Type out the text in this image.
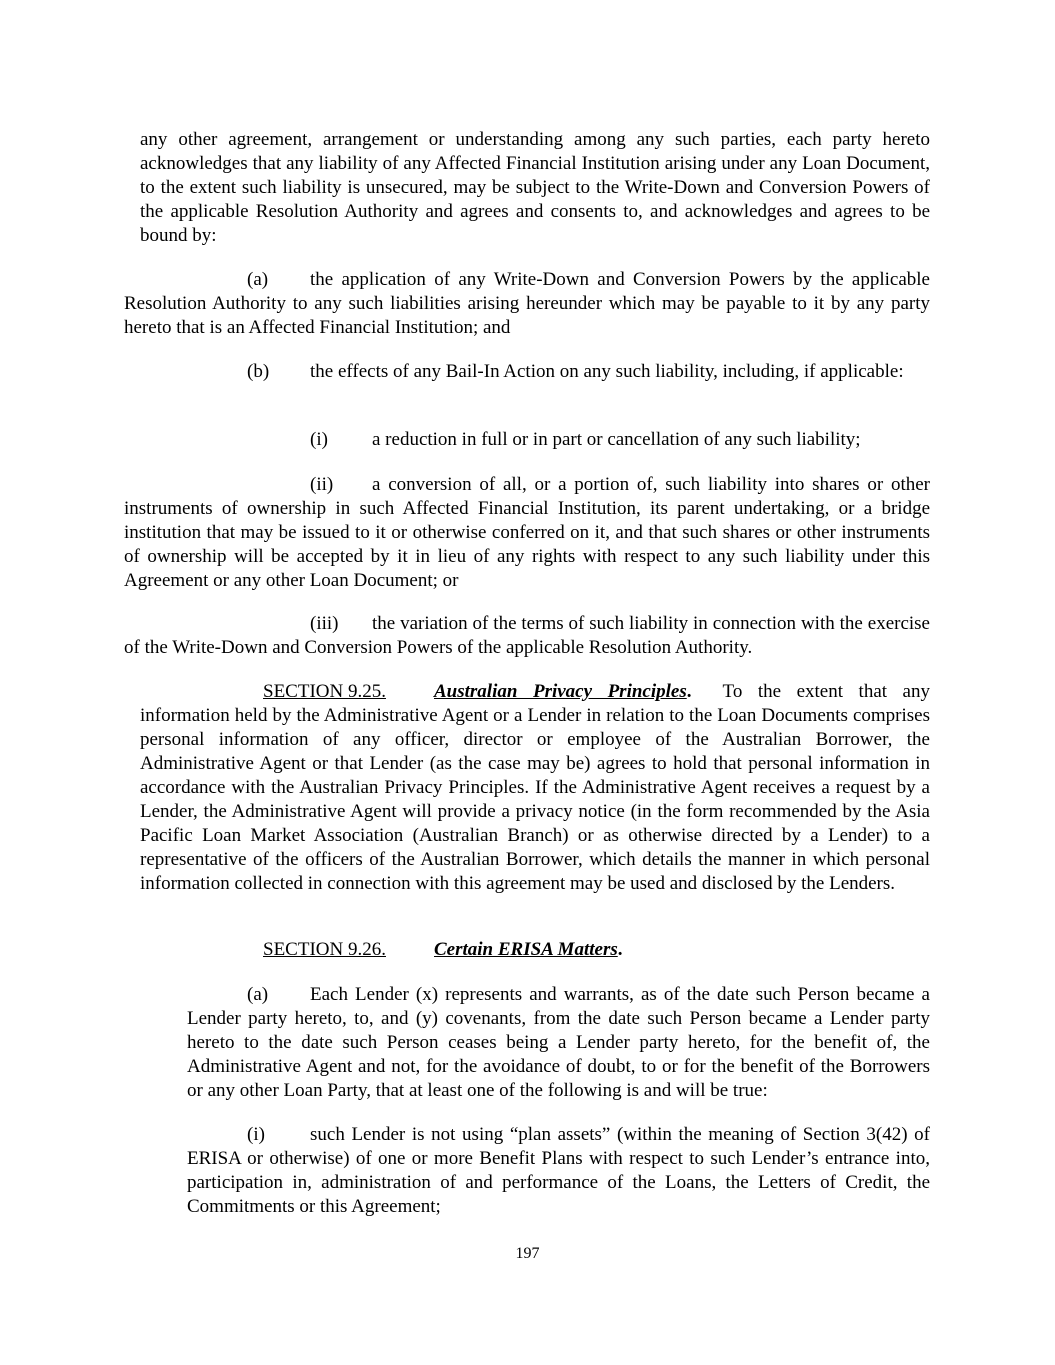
any other agreement, arrangement or understanding among any such parties, each party hereto acknowledges that any liability of any Affected Financial Institution arising under any Loan Document, to the extent such liability is unsecured, may be subject to the Write-Down and Conversion Powers of the applicable Resolution Authority and agrees and consents to, and acknowledges and agrees to be bound by:

(a) the application of any Write-Down and Conversion Powers by the applicable Resolution Authority to any such liabilities arising hereunder which may be payable to it by any party hereto that is an Affected Financial Institution; and

(b) the effects of any Bail-In Action on any such liability, including, if applicable:

(i) a reduction in full or in part or cancellation of any such liability;

(ii) a conversion of all, or a portion of, such liability into shares or other instruments of ownership in such Affected Financial Institution, its parent undertaking, or a bridge institution that may be issued to it or otherwise conferred on it, and that such shares or other instruments of ownership will be accepted by it in lieu of any rights with respect to any such liability under this Agreement or any other Loan Document; or

(iii) the variation of the terms of such liability in connection with the exercise of the Write-Down and Conversion Powers of the applicable Resolution Authority.

SECTION 9.25.	Australian Privacy Principles. To the extent that any information held by the Administrative Agent or a Lender in relation to the Loan Documents comprises personal information of any officer, director or employee of the Australian Borrower, the Administrative Agent or that Lender (as the case may be) agrees to hold that personal information in accordance with the Australian Privacy Principles. If the Administrative Agent receives a request by a Lender, the Administrative Agent will provide a privacy notice (in the form recommended by the Asia Pacific Loan Market Association (Australian Branch) or as otherwise directed by a Lender) to a representative of the officers of the Australian Borrower, which details the manner in which personal information collected in connection with this agreement may be used and disclosed by the Lenders.

SECTION 9.26.	Certain ERISA Matters.

(a) Each Lender (x) represents and warrants, as of the date such Person became a Lender party hereto, to, and (y) covenants, from the date such Person became a Lender party hereto to the date such Person ceases being a Lender party hereto, for the benefit of, the Administrative Agent and not, for the avoidance of doubt, to or for the benefit of the Borrowers or any other Loan Party, that at least one of the following is and will be true:

(i) such Lender is not using “plan assets” (within the meaning of Section 3(42) of ERISA or otherwise) of one or more Benefit Plans with respect to such Lender’s entrance into, participation in, administration of and performance of the Loans, the Letters of Credit, the Commitments or this Agreement;

197
